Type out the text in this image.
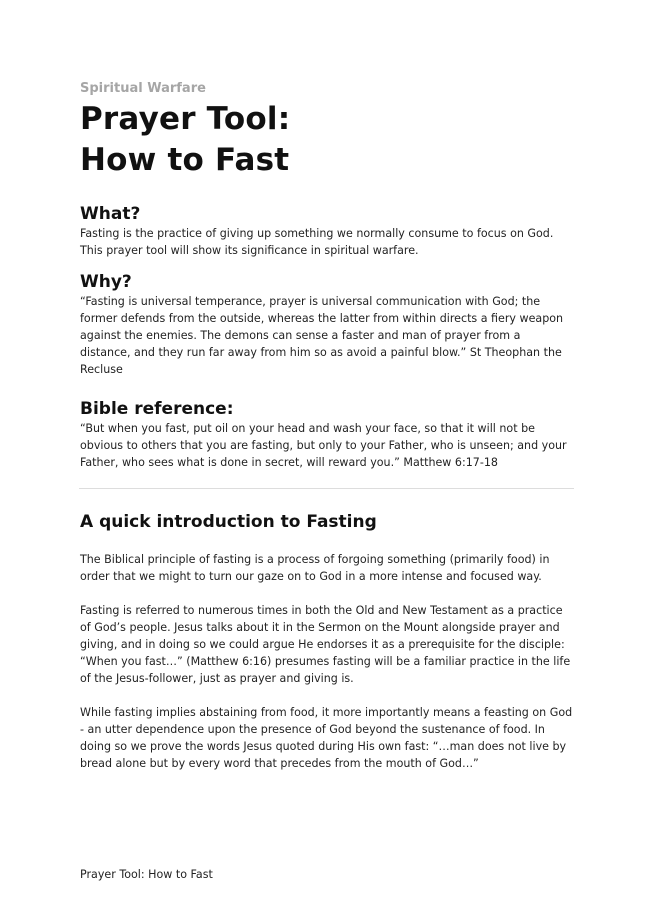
Spiritual Warfare

Prayer Tool:
How to Fast
What?

Fasting is the practice of giving up something we normally consume to focus on God. This prayer tool will show its significance in spiritual warfare.

Why?

“Fasting is universal temperance, prayer is universal communication with God; the former defends from the outside, whereas the latter from within directs a fiery weapon against the enemies. The demons can sense a faster and man of prayer from a distance, and they run far away from him so as avoid a painful blow.” St Theophan the Recluse

Bible reference:

“But when you fast, put oil on your head and wash your face, so that it will not be obvious to others that you are fasting, but only to your Father, who is unseen; and your Father, who sees what is done in secret, will reward you.” Matthew 6:17-18

A quick introduction to Fasting

The Biblical principle of fasting is a process of forgoing something (primarily food) in order that we might to turn our gaze on to God in a more intense and focused way.

Fasting is referred to numerous times in both the Old and New Testament as a practice of God’s people. Jesus talks about it in the Sermon on the Mount alongside prayer and giving, and in doing so we could argue He endorses it as a prerequisite for the disciple: “When you fast…” (Matthew 6:16) presumes fasting will be a familiar practice in the life of the Jesus-follower, just as prayer and giving is.

While fasting implies abstaining from food, it more importantly means a feasting on God - an utter dependence upon the presence of God beyond the sustenance of food. In doing so we prove the words Jesus quoted during His own fast: “…man does not live by bread alone but by every word that precedes from the mouth of God…”

Prayer Tool: How to Fast
